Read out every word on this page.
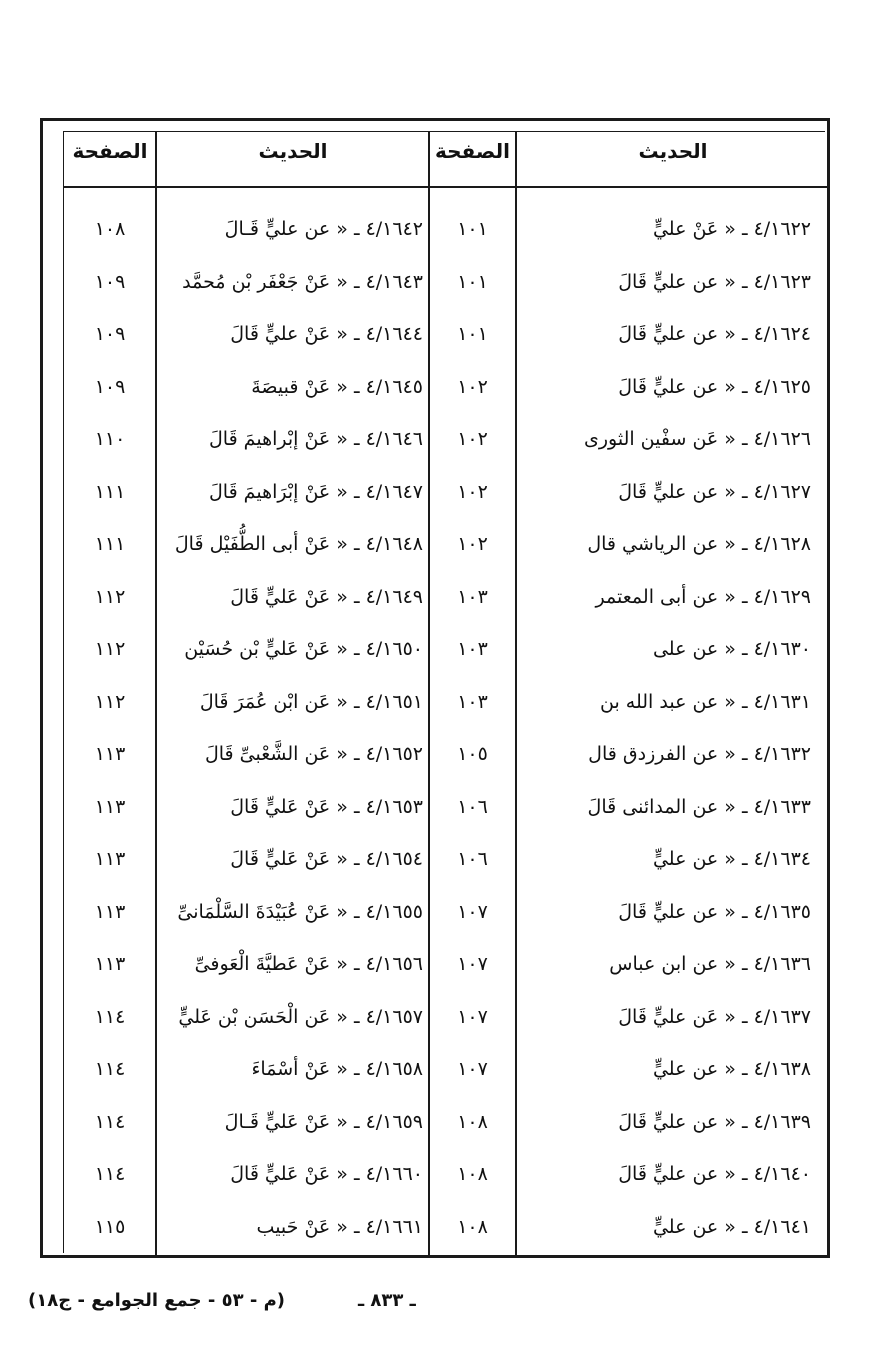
الحديث
الصفحة
الحديث
الصفحة
٤/١٦٢٢ ـ « عَنْ عليٍّ
١٠١
٤/١٦٢٣ ـ « عن عليٍّ قَالَ
١٠١
٤/١٦٢٤ ـ « عن عليٍّ قَالَ
١٠١
٤/١٦٢٥ ـ « عن عليٍّ قَالَ
١٠٢
٤/١٦٢٦ ـ « عَن سفْين الثورى
١٠٢
٤/١٦٢٧ ـ « عن عليٍّ قَالَ
١٠٢
٤/١٦٢٨ ـ « عن الرياشي قال
١٠٢
٤/١٦٢٩ ـ « عن أبى المعتمر
١٠٣
٤/١٦٣٠ ـ « عن على
١٠٣
٤/١٦٣١ ـ « عن عبد الله بن
١٠٣
٤/١٦٣٢ ـ « عن الفرزدق قال
١٠٥
٤/١٦٣٣ ـ « عن المدائنى قَالَ
١٠٦
٤/١٦٣٤ ـ « عن عليٍّ
١٠٦
٤/١٦٣٥ ـ « عن عليٍّ قَالَ
١٠٧
٤/١٦٣٦ ـ « عن ابن عباس
١٠٧
٤/١٦٣٧ ـ « عَن عليٍّ قَالَ
١٠٧
٤/١٦٣٨ ـ « عن عليٍّ
١٠٧
٤/١٦٣٩ ـ « عن عليٍّ قَالَ
١٠٨
٤/١٦٤٠ ـ « عن عليٍّ قَالَ
١٠٨
٤/١٦٤١ ـ « عن عليٍّ
١٠٨
٤/١٦٤٢ ـ « عن عليٍّ قَـالَ
١٠٨
٤/١٦٤٣ ـ « عَنْ جَعْفَر بْن مُحمَّد
١٠٩
٤/١٦٤٤ ـ « عَنْ عليٍّ قَالَ
١٠٩
٤/١٦٤٥ ـ « عَنْ قبيصَةَ
١٠٩
٤/١٦٤٦ ـ « عَنْ إبْراهيمَ قَالَ
١١٠
٤/١٦٤٧ ـ « عَنْ إبْرَاهيمَ قَالَ
١١١
٤/١٦٤٨ ـ « عَنْ أبى الطُّفَيْل قَالَ
١١١
٤/١٦٤٩ ـ « عَنْ عَليٍّ قَالَ
١١٢
٤/١٦٥٠ ـ « عَنْ عَليٍّ بْن حُسَيْن
١١٢
٤/١٦٥١ ـ « عَن ابْن عُمَرَ قَالَ
١١٢
٤/١٦٥٢ ـ « عَن الشَّعْبىِّ قَالَ
١١٣
٤/١٦٥٣ ـ « عَنْ عَليٍّ قَالَ
١١٣
٤/١٦٥٤ ـ « عَنْ عَليٍّ قَالَ
١١٣
٤/١٦٥٥ ـ « عَنْ عُبَيْدَةَ السَّلْمَانىِّ
١١٣
٤/١٦٥٦ ـ « عَنْ عَطيَّةَ الْعَوفىِّ
١١٣
٤/١٦٥٧ ـ « عَن الْحَسَن بْن عَليٍّ
١١٤
٤/١٦٥٨ ـ « عَنْ أسْمَاءَ
١١٤
٤/١٦٥٩ ـ « عَنْ عَليٍّ قَـالَ
١١٤
٤/١٦٦٠ ـ « عَنْ عَليٍّ قَالَ
١١٤
٤/١٦٦١ ـ « عَنْ حَبيب
١١٥
ـ ٨٣٣ ـ
(م - ٥٣ - جمع الجوامع - ج١٨)
